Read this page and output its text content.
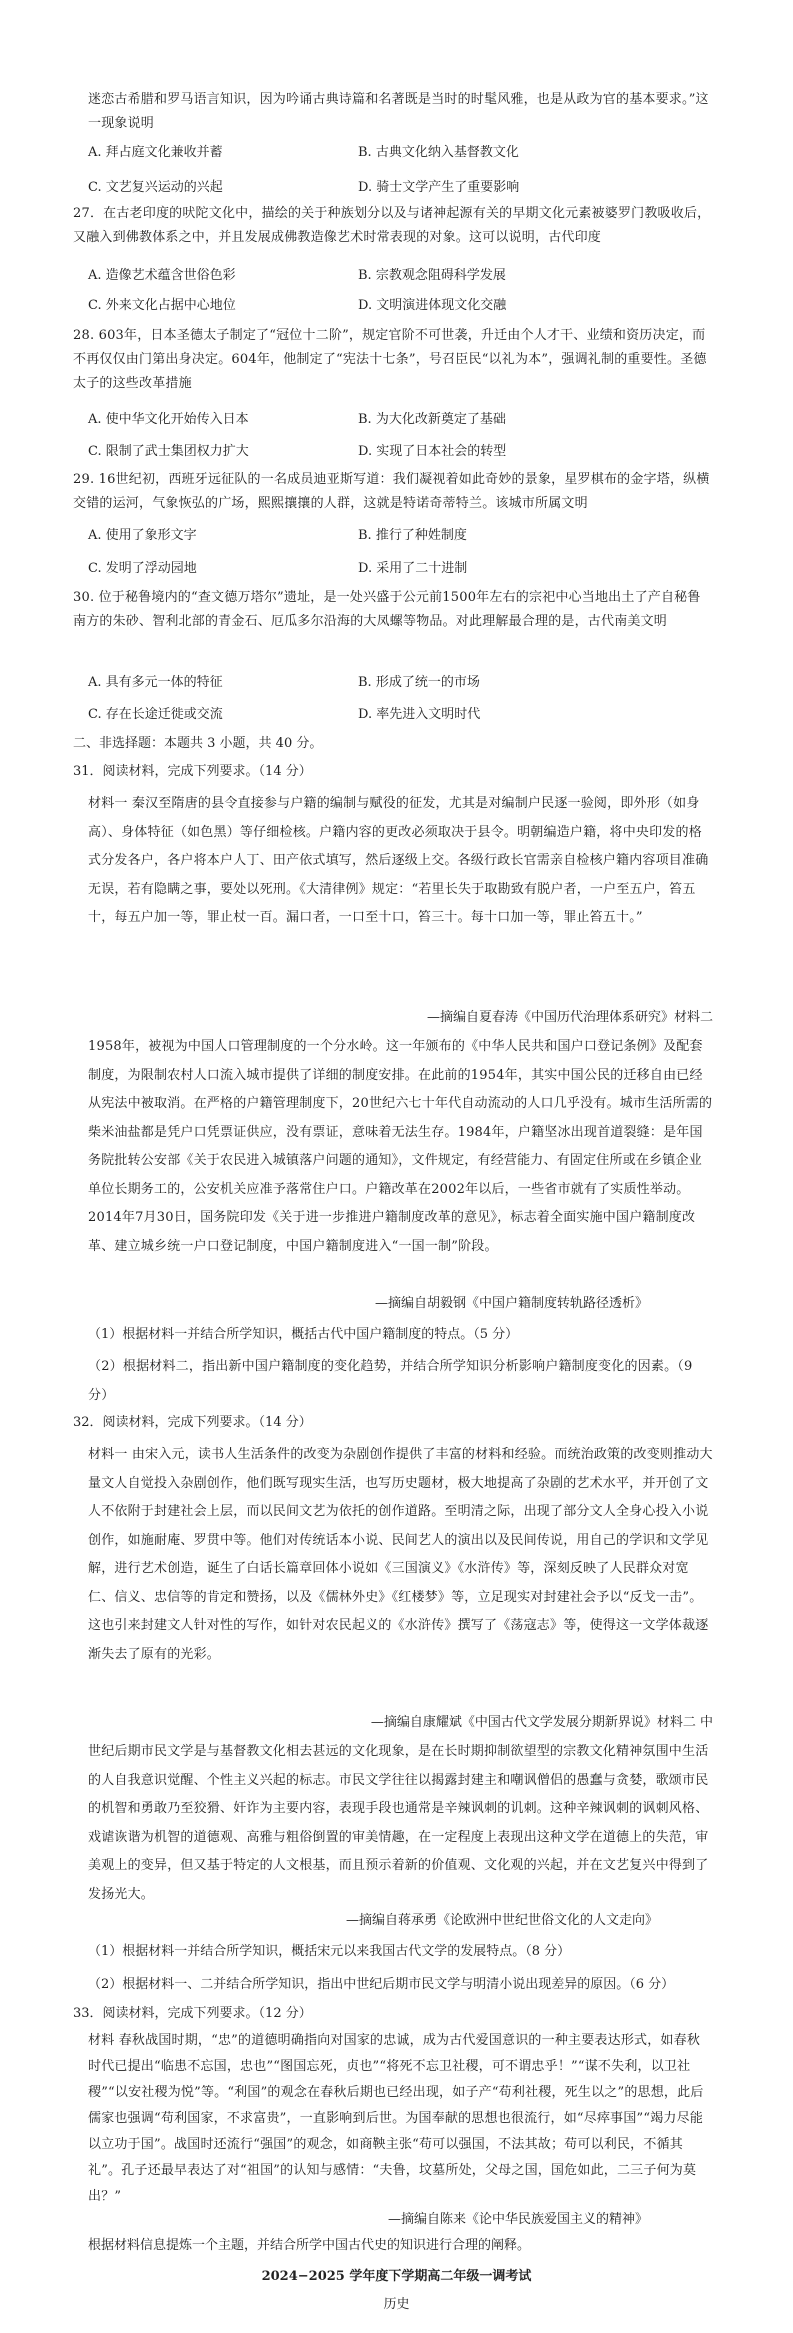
迷恋古希腊和罗马语言知识，因为吟诵古典诗篇和名著既是当时的时髦风雅，也是从政为官的基本要求。”这一现象说明
A. 拜占庭文化兼收并蓄	B. 古典文化纳入基督教文化
C. 文艺复兴运动的兴起	D. 骑士文学产生了重要影响
27．在古老印度的吠陀文化中，描绘的关于种族划分以及与诸神起源有关的早期文化元素被婆罗门教吸收后，又融入到佛教体系之中，并且发展成佛教造像艺术时常表现的对象。这可以说明，古代印度
A. 造像艺术蕴含世俗色彩	B. 宗教观念阻碍科学发展
C. 外来文化占据中心地位	D. 文明演进体现文化交融
28. 603年，日本圣德太子制定了“冠位十二阶”，规定官阶不可世袭，升迁由个人才干、业绩和资历决定，而不再仅仅由门第出身决定。604年，他制定了“宪法十七条”，号召臣民“以礼为本”，强调礼制的重要性。圣德太子的这些改革措施
A. 使中华文化开始传入日本	B. 为大化改新奠定了基础
C. 限制了武士集团权力扩大	D. 实现了日本社会的转型
29. 16世纪初，西班牙远征队的一名成员迪亚斯写道：我们凝视着如此奇妙的景象，星罗棋布的金字塔，纵横交错的运河，气象恢弘的广场，熙熙攘攘的人群，这就是特诺奇蒂特兰。该城市所属文明
A. 使用了象形文字	B. 推行了种姓制度
C. 发明了浮动园地	D. 采用了二十进制
30. 位于秘鲁境内的“查文德万塔尔”遗址，是一处兴盛于公元前1500年左右的宗祀中心当地出土了产自秘鲁南方的朱砂、智利北部的青金石、厄瓜多尔沿海的大凤螺等物品。对此理解最合理的是，古代南美文明
A. 具有多元一体的特征	B. 形成了统一的市场
C. 存在长途迁徙或交流	D. 率先进入文明时代
二、非选择题：本题共 3 小题，共 40 分。
31．阅读材料，完成下列要求。（14 分）
材料一 秦汉至隋唐的县令直接参与户籍的编制与赋役的征发，尤其是对编制户民逐一验阅，即外形（如身高）、身体特征（如色黑）等仔细检核。户籍内容的更改必须取决于县令。明朝编造户籍，将中央印发的格式分发各户，各户将本户人丁、田产依式填写，然后逐级上交。各级行政长官需亲自检核户籍内容项目准确无误，若有隐瞒之事，要处以死刑。《大清律例》规定：“若里长失于取勘致有脱户者，一户至五户，笞五十，每五户加一等，罪止杖一百。漏口者，一口至十口，笞三十。每十口加一等，罪止笞五十。”
—摘编自夏春涛《中国历代治理体系研究》材料二
1958年，被视为中国人口管理制度的一个分水岭。这一年颁布的《中华人民共和国户口登记条例》及配套制度，为限制农村人口流入城市提供了详细的制度安排。在此前的1954年，其实中国公民的迁移自由已经从宪法中被取消。在严格的户籍管理制度下，20世纪六七十年代自动流动的人口几乎没有。城市生活所需的柴米油盐都是凭户口凭票证供应，没有票证，意味着无法生存。1984年，户籍坚冰出现首道裂缝：是年国务院批转公安部《关于农民进入城镇落户问题的通知》，文件规定，有经营能力、有固定住所或在乡镇企业单位长期务工的，公安机关应准予落常住户口。户籍改革在2002年以后，一些省市就有了实质性举动。2014年7月30日，国务院印发《关于进一步推进户籍制度改革的意见》，标志着全面实施中国户籍制度改革、建立城乡统一户口登记制度，中国户籍制度进入“一国一制”阶段。
—摘编自胡毅钢《中国户籍制度转轨路径透析》
（1）根据材料一并结合所学知识，概括古代中国户籍制度的特点。（5 分）
（2）根据材料二，指出新中国户籍制度的变化趋势，并结合所学知识分析影响户籍制度变化的因素。（9 分）
32．阅读材料，完成下列要求。（14 分）
材料一 由宋入元，读书人生活条件的改变为杂剧创作提供了丰富的材料和经验。而统治政策的改变则推动大量文人自觉投入杂剧创作，他们既写现实生活，也写历史题材，极大地提高了杂剧的艺术水平，并开创了文人不依附于封建社会上层，而以民间文艺为依托的创作道路。至明清之际，出现了部分文人全身心投入小说创作，如施耐庵、罗贯中等。他们对传统话本小说、民间艺人的演出以及民间传说，用自己的学识和文学见解，进行艺术创造，诞生了白话长篇章回体小说如《三国演义》《水浒传》等，深刻反映了人民群众对宽仁、信义、忠信等的肯定和赞扬，以及《儒林外史》《红楼梦》等，立足现实对封建社会予以“反戈一击”。这也引来封建文人针对性的写作，如针对农民起义的《水浒传》撰写了《荡寇志》等，使得这一文学体裁逐渐失去了原有的光彩。
—摘编自康耀斌《中国古代文学发展分期新界说》材料二 中
世纪后期市民文学是与基督教文化相去甚远的文化现象，是在长时期抑制欲望型的宗教文化精神氛围中生活的人自我意识觉醒、个性主义兴起的标志。市民文学往往以揭露封建主和嘲讽僧侣的愚蠢与贪婪，歌颂市民的机智和勇敢乃至狡猾、奸诈为主要内容，表现手段也通常是辛辣讽刺的讥刺。这种辛辣讽刺的讽刺风格、戏谑诙谐为机智的道德观、高雅与粗俗倒置的审美情趣，在一定程度上表现出这种文学在道德上的失范，审美观上的变异，但又基于特定的人文根基，而且预示着新的价值观、文化观的兴起，并在文艺复兴中得到了发扬光大。
—摘编自蒋承勇《论欧洲中世纪世俗文化的人文走向》
（1）根据材料一并结合所学知识，概括宋元以来我国古代文学的发展特点。（8 分）
（2）根据材料一、二并结合所学知识，指出中世纪后期市民文学与明清小说出现差异的原因。（6 分）
33．阅读材料，完成下列要求。（12 分）
材料 春秋战国时期，“忠”的道德明确指向对国家的忠诚，成为古代爱国意识的一种主要表达形式，如春秋时代已提出“临患不忘国，忠也”“图国忘死，贞也”“将死不忘卫社稷，可不谓忠乎！”“谋不失利，以卫社稷”“以安社稷为悦”等。“利国”的观念在春秋后期也已经出现，如子产“苟利社稷，死生以之”的思想，此后儒家也强调“苟利国家，不求富贵”，一直影响到后世。为国奉献的思想也很流行，如“尽瘁事国”“竭力尽能以立功于国”。战国时还流行“强国”的观念，如商鞅主张“苟可以强国，不法其故；苟可以利民，不循其礼”。孔子还最早表达了对“祖国”的认知与感情：“夫鲁，坟墓所处，父母之国，国危如此，二三子何为莫出？”
—摘编自陈来《论中华民族爱国主义的精神》
根据材料信息提炼一个主题，并结合所学中国古代史的知识进行合理的阐释。
2024−2025 学年度下学期高二年级一调考试
历史
